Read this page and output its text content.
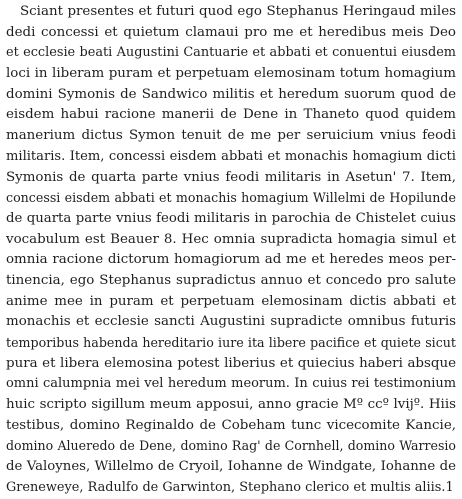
Sciant presentes et futuri quod ego Stephanus Heringaud miles
dedi concessi et quietum clamaui pro me et heredibus meis Deo
et ecclesie beati Augustini Cantuarie et abbati et conuentui eiusdem
loci in liberam puram et perpetuam elemosinam totum homagium
domini Symonis de Sandwico militis et heredum suorum quod de
eisdem habui racione manerii de Dene in Thaneto quod quidem
manerium dictus Symon tenuit de me per seruicium vnius feodi
militaris. Item, concessi eisdem abbati et monachis homagium dicti
Symonis de quarta parte vnius feodi militaris in Asetun' 7. Item,
concessi eisdem abbati et monachis homagium Willelmi de Hopilunde
de quarta parte vnius feodi militaris in parochia de Chistelet cuius
vocabulum est Beauer 8. Hec omnia supradicta homagia simul et
omnia racione dictorum homagiorum ad me et heredes meos per-
tinencia, ego Stephanus supradictus annuo et concedo pro salute
anime mee in puram et perpetuam elemosinam dictis abbati et
monachis et ecclesie sancti Augustini supradicte omnibus futuris
temporibus habenda hereditario iure ita libere pacifice et quiete sicut
pura et libera elemosina potest liberius et quiecius haberi absque
omni calumpnia mei vel heredum meorum. In cuius rei testimonium
huic scripto sigillum meum apposui, anno gracie Mº ccº lvijº. Hiis
testibus, domino Reginaldo de Cobeham tunc vicecomite Kancie,
domino Alueredo de Dene, domino Rag' de Cornhell, domino Warresio
de Valoynes, Willelmo de Cryoil, Iohanne de Windgate, Iohanne de
Greneweye, Radulfo de Garwinton, Stephano clerico et multis aliis.1
